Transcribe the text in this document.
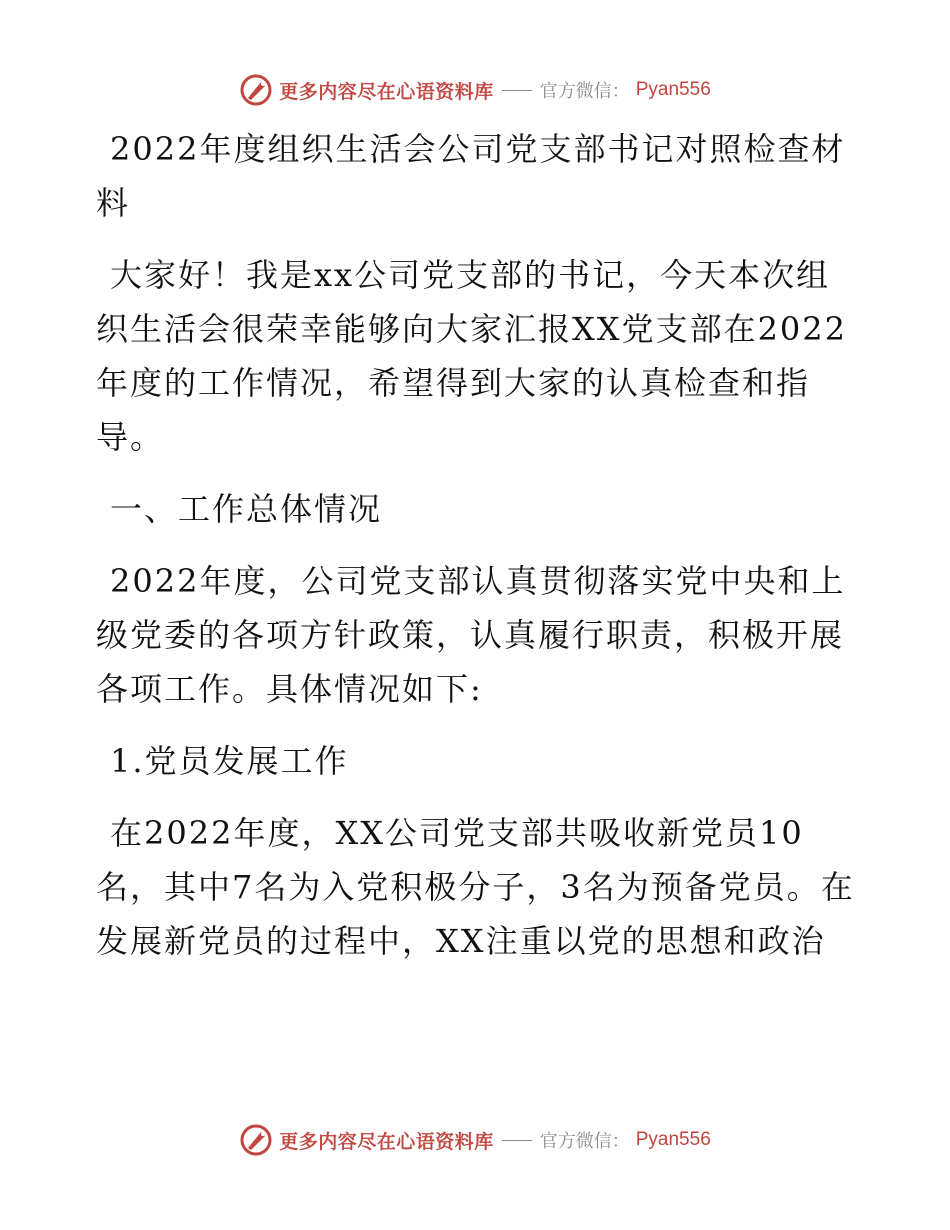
更多内容尽在心语资料库	官方微信： Pyan556

2022年度组织生活会公司党支部书记对照检查材料

大家好！我是xx公司党支部的书记，今天本次组织生活会很荣幸能够向大家汇报XX党支部在2022年度的工作情况，希望得到大家的认真检查和指导。

一、工作总体情况

2022年度，公司党支部认真贯彻落实党中央和上级党委的各项方针政策，认真履行职责，积极开展各项工作。具体情况如下:

1.党员发展工作

在2022年度，XX公司党支部共吸收新党员10名，其中7名为入党积极分子，3名为预备党员。在发展新党员的过程中，XX注重以党的思想和政治

更多内容尽在心语资料库	官方微信： Pyan556
